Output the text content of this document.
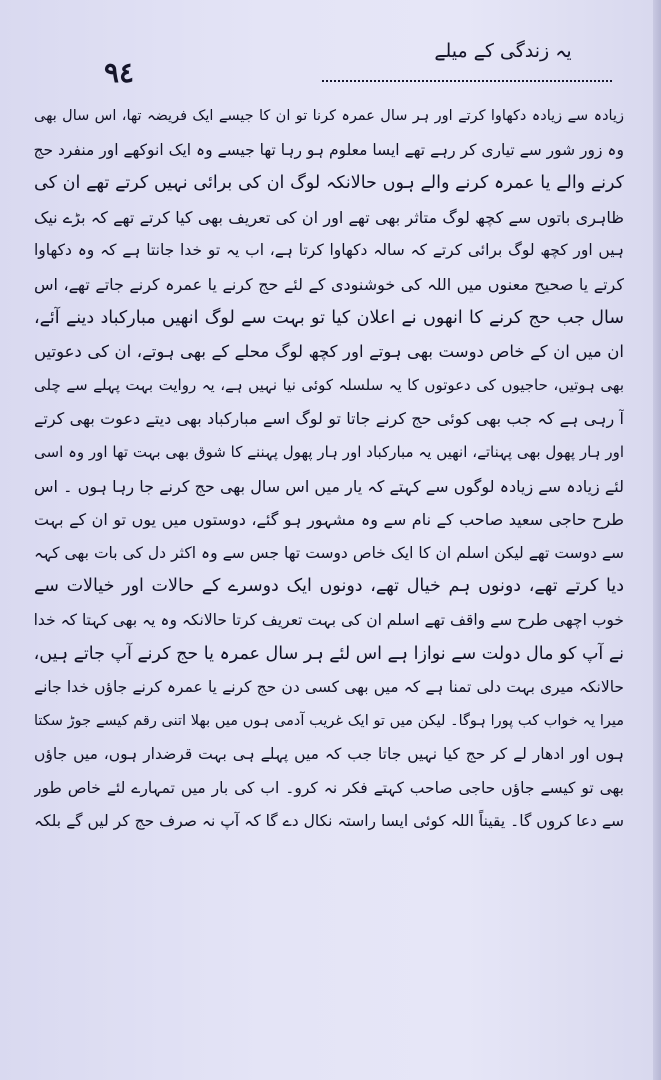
٩٤
یہ زندگی کے میلے
زیادہ سے زیادہ دکھاوا کرتے اور ہر سال عمرہ کرنا تو ان کا جیسے ایک فریضہ تھا، اس سال بھی
وہ زور شور سے تیاری کر رہے تھے ایسا معلوم ہو رہا تھا جیسے وہ ایک انوکھے اور منفرد حج
کرنے والے یا عمرہ کرنے والے ہوں حالانکہ لوگ ان کی برائی نہیں کرتے تھے ان کی
ظاہری باتوں سے کچھ لوگ متاثر بھی تھے اور ان کی تعریف بھی کیا کرتے تھے کہ بڑے نیک
ہیں اور کچھ لوگ برائی کرتے کہ سالہ دکھاوا کرتا ہے، اب یہ تو خدا جانتا ہے کہ وہ دکھاوا
کرتے یا صحیح معنوں میں اللہ کی خوشنودی کے لئے حج کرنے یا عمرہ کرنے جاتے تھے، اس
سال جب حج کرنے کا انھوں نے اعلان کیا تو بہت سے لوگ انھیں مبارکباد دینے آئے،
ان میں ان کے خاص دوست بھی ہوتے اور کچھ لوگ محلے کے بھی ہوتے، ان کی دعوتیں
بھی ہوتیں، حاجیوں کی دعوتوں کا یہ سلسلہ کوئی نیا نہیں ہے، یہ روایت بہت پہلے سے چلی
آ رہی ہے کہ جب بھی کوئی حج کرنے جاتا تو لوگ اسے مبارکباد بھی دیتے دعوت بھی کرتے
اور ہار پھول بھی پہناتے، انھیں یہ مبارکباد اور ہار پھول پہننے کا شوق بھی بہت تھا اور وہ اسی
لئے زیادہ سے زیادہ لوگوں سے کہتے کہ یار میں اس سال بھی حج کرنے جا رہا ہوں ۔ اس
طرح حاجی سعید صاحب کے نام سے وہ مشہور ہو گئے، دوستوں میں یوں تو ان کے بہت
سے دوست تھے لیکن اسلم ان کا ایک خاص دوست تھا جس سے وہ اکثر دل کی بات بھی کہہ
دیا کرتے تھے، دونوں ہم خیال تھے، دونوں ایک دوسرے کے حالات اور خیالات سے
خوب اچھی طرح سے واقف تھے اسلم ان کی بہت تعریف کرتا حالانکہ وہ یہ بھی کہتا کہ خدا
نے آپ کو مال دولت سے نوازا ہے اس لئے ہر سال عمرہ یا حج کرنے آپ جاتے ہیں،
حالانکہ میری بہت دلی تمنا ہے کہ میں بھی کسی دن حج کرنے یا عمرہ کرنے جاؤں خدا جانے
میرا یہ خواب کب پورا ہوگا۔ لیکن میں تو ایک غریب آدمی ہوں میں بھلا اتنی رقم کیسے جوڑ سکتا
ہوں اور ادھار لے کر حج کیا نہیں جاتا جب کہ میں پہلے ہی بہت قرضدار ہوں، میں جاؤں
بھی تو کیسے جاؤں حاجی صاحب کہتے فکر نہ کرو۔ اب کی بار میں تمہارے لئے خاص طور
سے دعا کروں گا۔ یقیناً اللہ کوئی ایسا راستہ نکال دے گا کہ آپ نہ صرف حج کر لیں گے بلکہ
